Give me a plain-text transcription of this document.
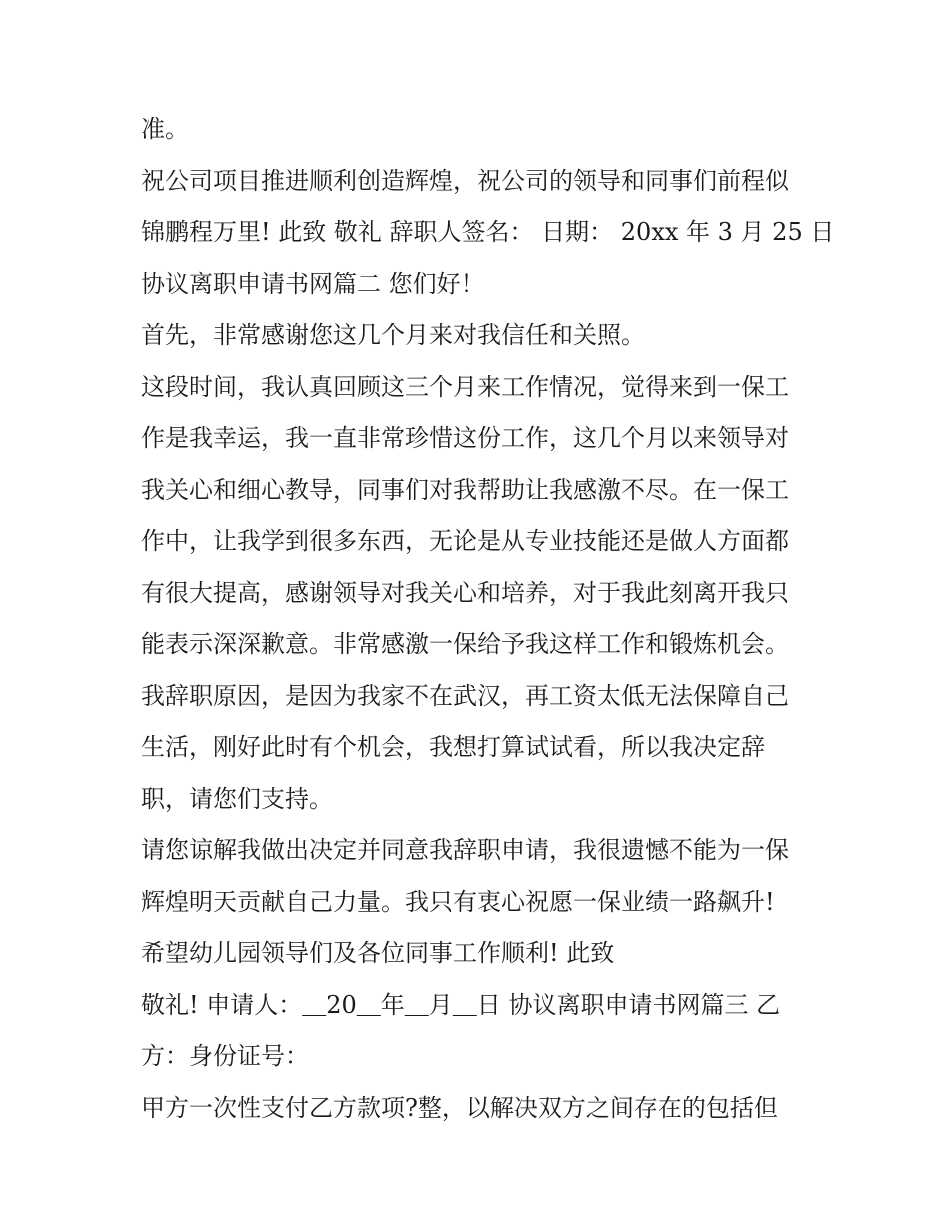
准。
祝公司项目推进顺利创造辉煌，祝公司的领导和同事们前程似
锦鹏程万里! 此致 敬礼 辞职人签名： 日期： 20xx 年 3 月 25 日
协议离职申请书网篇二 您们好！
首先，非常感谢您这几个月来对我信任和关照。
这段时间，我认真回顾这三个月来工作情况，觉得来到一保工
作是我幸运，我一直非常珍惜这份工作，这几个月以来领导对
我关心和细心教导，同事们对我帮助让我感激不尽。在一保工
作中，让我学到很多东西，无论是从专业技能还是做人方面都
有很大提高，感谢领导对我关心和培养，对于我此刻离开我只
能表示深深歉意。非常感激一保给予我这样工作和锻炼机会。
我辞职原因，是因为我家不在武汉，再工资太低无法保障自己
生活，刚好此时有个机会，我想打算试试看，所以我决定辞
职，请您们支持。
请您谅解我做出决定并同意我辞职申请，我很遗憾不能为一保
辉煌明天贡献自己力量。我只有衷心祝愿一保业绩一路飙升!
希望幼儿园领导们及各位同事工作顺利! 此致
敬礼! 申请人：＿20＿年＿月＿日 协议离职申请书网篇三 乙
方：身份证号：
甲方一次性支付乙方款项?整，以解决双方之间存在的包括但
